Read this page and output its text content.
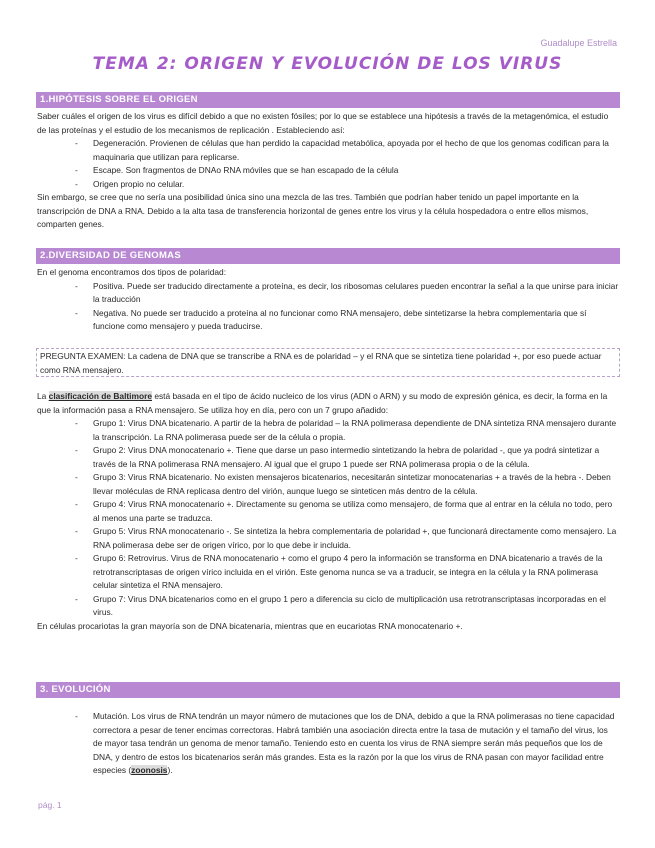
Guadalupe Estrella
TEMA 2: ORIGEN Y EVOLUCIÓN DE LOS VIRUS
1.HIPÓTESIS SOBRE EL ORIGEN

Saber cuáles el origen de los virus es difícil debido a que no existen fósiles; por lo que se establece una hipótesis a través de la metagenómica, el estudio de las proteínas y el estudio de los mecanismos de replicación . Estableciendo así:

- Degeneración. Provienen de células que han perdido la capacidad metabólica, apoyada por el hecho de que los genomas codifican para la maquinaria que utilizan para replicarse.
- Escape. Son fragmentos de DNAo RNA móviles que se han escapado de la célula
- Origen propio no celular.

Sin embargo, se cree que no sería una posibilidad única sino una mezcla de las tres. También que podrían haber tenido un papel importante en la transcripción de DNA a RNA. Debido a la alta tasa de transferencia horizontal de genes entre los virus y la célula hospedadora o entre ellos mismos, comparten genes.

2.DIVERSIDAD DE GENOMAS

En el genoma encontramos dos tipos de polaridad:

- Positiva. Puede ser traducido directamente a proteína, es decir, los ribosomas celulares pueden encontrar la señal a la que unirse para iniciar la traducción
- Negativa. No puede ser traducido a proteína al no funcionar como RNA mensajero, debe sintetizarse la hebra complementaria que sí funcione como mensajero y pueda traducirse.
PREGUNTA EXAMEN: La cadena de DNA que se transcribe a RNA es de polaridad – y el RNA que se sintetiza tiene polaridad +, por eso puede actuar como RNA mensajero.

La clasificación de Baltimore está basada en el tipo de ácido nucleico de los virus (ADN o ARN) y su modo de expresión génica, es decir, la forma en la que la información pasa a RNA mensajero. Se utiliza hoy en día, pero con un 7 grupo añadido:

- Grupo 1: Virus DNA bicatenario. A partir de la hebra de polaridad – la RNA polimerasa dependiente de DNA sintetiza RNA mensajero durante la transcripción. La RNA polimerasa puede ser de la célula o propia.
- Grupo 2: Virus DNA monocatenario +. Tiene que darse un paso intermedio sintetizando la hebra de polaridad -, que ya podrá sintetizar a través de la RNA polimerasa RNA mensajero. Al igual que el grupo 1 puede ser RNA polimerasa propia o de la célula.
- Grupo 3: Virus RNA bicatenario. No existen mensajeros bicatenarios, necesitarán sintetizar monocatenarias + a través de la hebra -. Deben llevar moléculas de RNA replicasa dentro del virión, aunque luego se sinteticen más dentro de la célula.
- Grupo 4: Virus RNA monocatenario +. Directamente su genoma se utiliza como mensajero, de forma que al entrar en la célula no todo, pero al menos una parte se traduzca.
- Grupo 5: Virus RNA monocatenario -. Se sintetiza la hebra complementaria de polaridad +, que funcionará directamente como mensajero. La RNA polimerasa debe ser de origen vírico, por lo que debe ir incluida.
- Grupo 6: Retrovirus. Virus de RNA monocatenario + como el grupo 4 pero la información se transforma en DNA bicatenario a través de la retrotranscriptasas de origen vírico incluida en el virión. Este genoma nunca se va a traducir, se integra en la célula y la RNA polimerasa celular sintetiza el RNA mensajero.
- Grupo 7: Virus DNA bicatenarios como en el grupo 1 pero a diferencia su ciclo de multiplicación usa retrotranscriptasas incorporadas en el virus.

En células procariotas la gran mayoría son de DNA bicatenaria, mientras que en eucariotas RNA monocatenario +.

3. EVOLUCIÓN
- Mutación. Los virus de RNA tendrán un mayor número de mutaciones que los de DNA, debido a que la RNA polimerasas no tiene capacidad correctora a pesar de tener encimas correctoras. Habrá también una asociación directa entre la tasa de mutación y el tamaño del virus, los de mayor tasa tendrán un genoma de menor tamaño. Teniendo esto en cuenta los virus de RNA siempre serán más pequeños que los de DNA, y dentro de estos los bicatenarios serán más grandes. Esta es la razón por la que los virus de RNA pasan con mayor facilidad entre especies (zoonosis).
pág. 1
